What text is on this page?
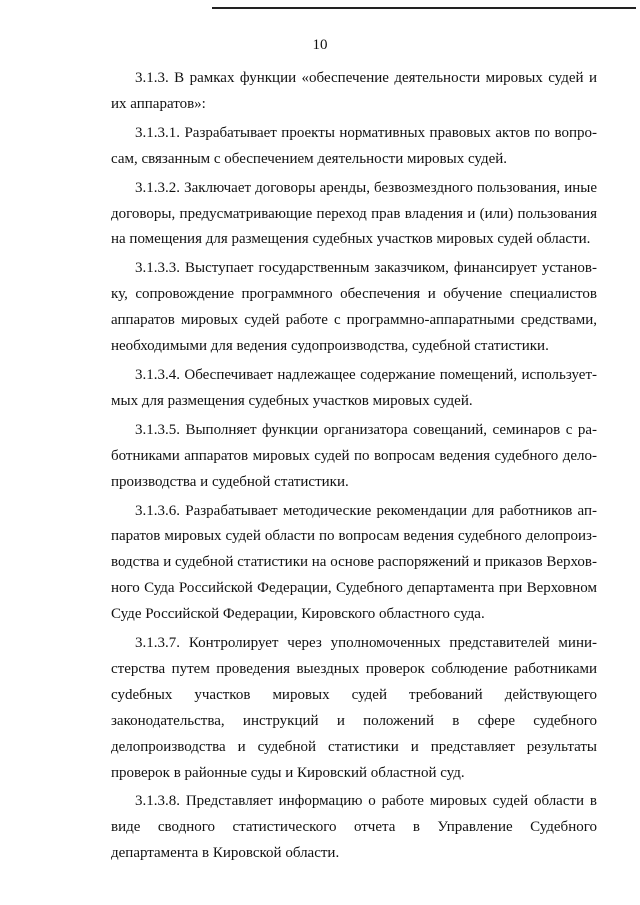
10

3.1.3. В рамках функции «обеспечение деятельности мировых судей и их аппаратов»:

3.1.3.1. Разрабатывает проекты нормативных правовых актов по вопросам, связанным с обеспечением деятельности мировых судей.

3.1.3.2. Заключает договоры аренды, безвозмездного пользования, иные договоры, предусматривающие переход прав владения и (или) пользования на помещения для размещения судебных участков мировых судей области.

3.1.3.3. Выступает государственным заказчиком, финансирует установку, сопровождение программного обеспечения и обучение специалистов аппаратов мировых судей работе с программно-аппаратными средствами, необходимыми для ведения судопроизводства, судебной статистики.

3.1.3.4. Обеспечивает надлежащее содержание помещений, используетмых для размещения судебных участков мировых судей.

3.1.3.5. Выполняет функции организатора совещаний, семинаров с работниками аппаратов мировых судей по вопросам ведения судебного делопроизводства и судебной статистики.

3.1.3.6. Разрабатывает методические рекомендации для работников аппаратов мировых судей области по вопросам ведения судебного делопроизводства и судебной статистики на основе распоряжений и приказов Верховного Суда Российской Федерации, Судебного департамента при Верховном Суде Российской Федерации, Кировского областного суда.

3.1.3.7. Контролирует через уполномоченных представителей министерства путем проведения выездных проверок соблюдение работниками суdебных участков мировых судей требований действующего законодательства, инструкций и положений в сфере судебного делопроизводства и судебной статистики и представляет результаты проверок в районные суды и Кировский областной суд.

3.1.3.8. Представляет информацию о работе мировых судей области в виде сводного статистического отчета в Управление Судебного департамента в Кировской области.
